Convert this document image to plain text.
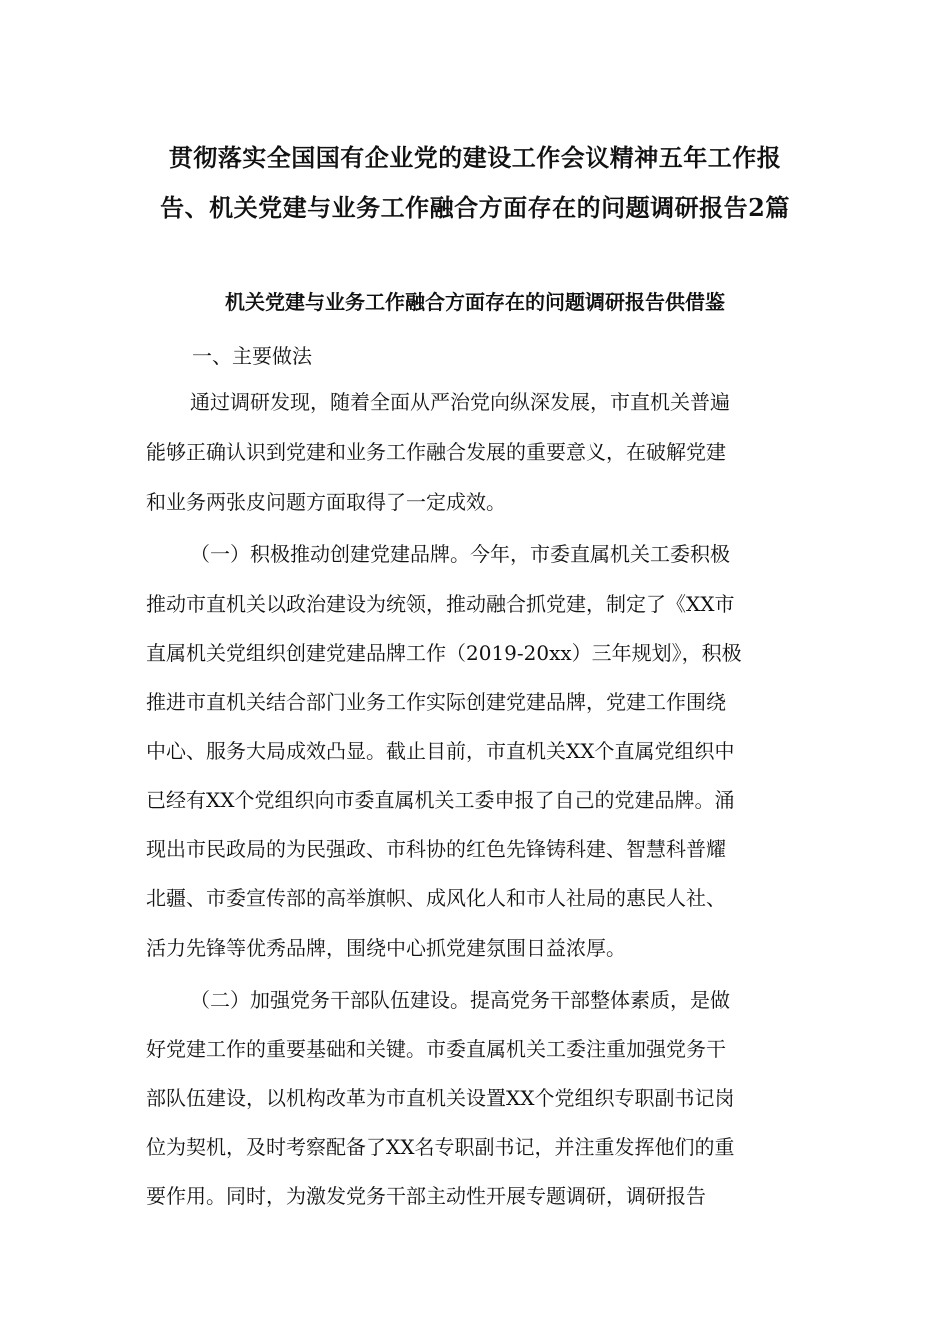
贯彻落实全国国有企业党的建设工作会议精神五年工作报
告、机关党建与业务工作融合方面存在的问题调研报告2篇
机关党建与业务工作融合方面存在的问题调研报告供借鉴

一、主要做法

通过调研发现，随着全面从严治党向纵深发展，市直机关普遍

能够正确认识到党建和业务工作融合发展的重要意义，在破解党建

和业务两张皮问题方面取得了一定成效。

（一）积极推动创建党建品牌。今年，市委直属机关工委积极

推动市直机关以政治建设为统领，推动融合抓党建，制定了《XX市

直属机关党组织创建党建品牌工作（2019-20xx）三年规划》，积极

推进市直机关结合部门业务工作实际创建党建品牌，党建工作围绕

中心、服务大局成效凸显。截止目前，市直机关XX个直属党组织中

已经有XX个党组织向市委直属机关工委申报了自己的党建品牌。涌

现出市民政局的为民强政、市科协的红色先锋铸科建、智慧科普耀

北疆、市委宣传部的高举旗帜、成风化人和市人社局的惠民人社、

活力先锋等优秀品牌，围绕中心抓党建氛围日益浓厚。

（二）加强党务干部队伍建设。提高党务干部整体素质，是做

好党建工作的重要基础和关键。市委直属机关工委注重加强党务干

部队伍建设，以机构改革为市直机关设置XX个党组织专职副书记岗

位为契机，及时考察配备了XX名专职副书记，并注重发挥他们的重

要作用。同时，为激发党务干部主动性开展专题调研，调研报告
